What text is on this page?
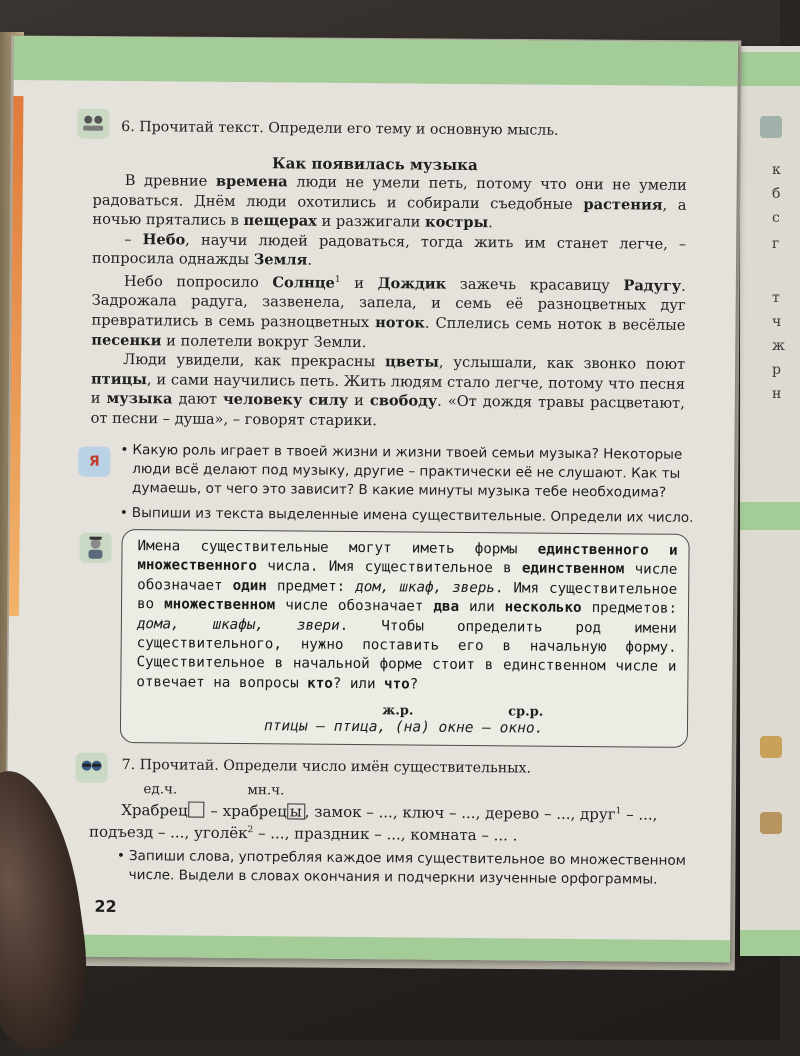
к
б
с
г
т
ч
ж
р
н
6. Прочитай текст. Определи его тему и основную мысль.
Как появилась музыка

В древние времена люди не умели петь, потому что они не умели радоваться. Днём люди охотились и собирали съедобные растения, а ночью прятались в пещерах и разжигали костры.

– Небо, научи людей радоваться, тогда жить им станет легче, – попросила однажды Земля.

Небо попросило Солнце$^1$ и Дождик зажечь красавицу Радугу. Задрожала радуга, зазвенела, запела, и семь её разноцветных дуг превратились в семь разноцветных ноток. Сплелись семь ноток в весёлые песенки и полетели вокруг Земли.

Люди увидели, как прекрасны цветы, услышали, как звонко поют птицы, и сами научились петь. Жить людям стало легче, потому что песня и музыка дают человеку силу и свободу. «От дождя травы расцветают, от песни – душа», – говорят старики.

Я
•	Какую роль играет в твоей жизни и жизни твоей семьи музыка? Некоторые люди всё делают под музыку, другие – практически её не слушают. Как ты думаешь, от чего это зависит? В какие минуты музыка тебе необходима?
• Выпиши из текста выделенные имена существительные. Определи их число.
Имена существительные могут иметь формы единственного и множественного числа. Имя существительное в единственном числе обозначает один предмет: дом, шкаф, зверь. Имя существительное во множественном числе обозначает два или несколько предметов: дома, шкафы, звери. Чтобы определить род имени существительного, нужно поставить его в начальную форму. Существительное в начальной форме стоит в единственном числе и отвечает на вопросы кто? или что?
ж.р.	ср.р.
птицы – птица, (на) окне – окно.
7. Прочитай. Определи число имён существительных.
ед.ч.	мн.ч.
Храбрец – храбрец ы , замок – ..., ключ – ..., дерево – ..., друг$^1$ – ...,
подъезд – ..., уголёк$^2$ – ..., праздник – ..., комната – ... .
• Запиши слова, употребляя каждое имя существительное во множественном числе. Выдели в словах окончания и подчеркни изученные орфограммы.
22
